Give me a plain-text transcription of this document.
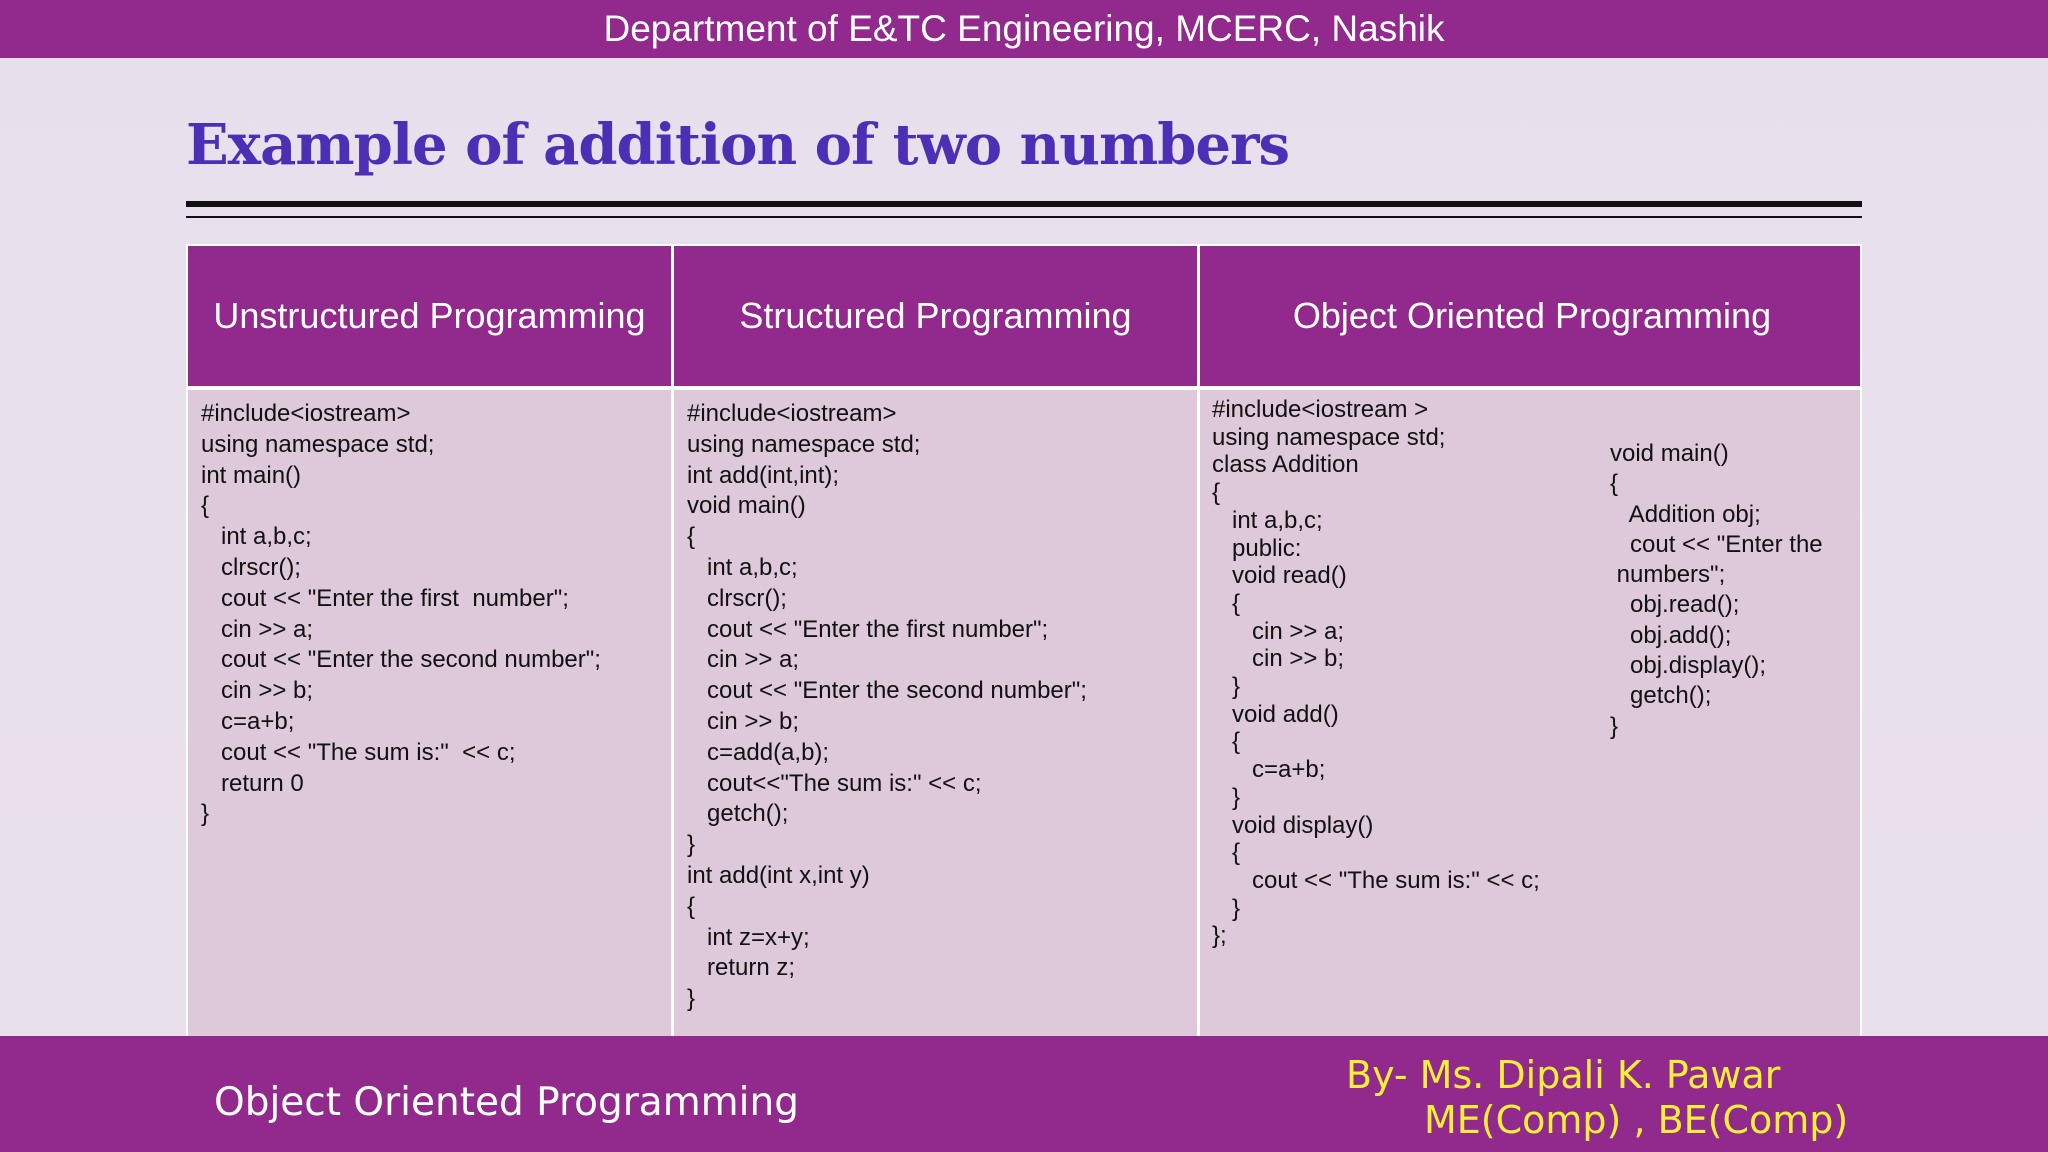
Department of E&TC Engineering, MCERC, Nashik
Example of addition of two numbers
Unstructured Programming	Structured Programming	Object Oriented Programming
#include<iostream>
using namespace std;
int main()
{
int a,b,c;
clrscr();
cout << "Enter the first  number";
cin >> a;
cout << "Enter the second number";
cin >> b;
c=a+b;
cout << "The sum is:"  << c;
return 0
}
#include<iostream>
using namespace std;
int add(int,int);
void main()
{
int a,b,c;
clrscr();
cout << "Enter the first number";
cin >> a;
cout << "Enter the second number";
cin >> b;
c=add(a,b);
cout<<"The sum is:" << c;
getch();
}
int add(int x,int y)
{
int z=x+y;
return z;
}
#include<iostream >
using namespace std;
class Addition
{
int a,b,c;
public:
void read()
{
cin >> a;
cin >> b;
}
void add()
{
c=a+b;
}
void display()
{
cout << "The sum is:" << c;
}
};
void main()
{
Addition obj;
cout << "Enter the
numbers";
obj.read();
obj.add();
obj.display();
getch();
}
Object Oriented Programming
By- Ms. Dipali K. Pawar
ME(Comp) , BE(Comp)
